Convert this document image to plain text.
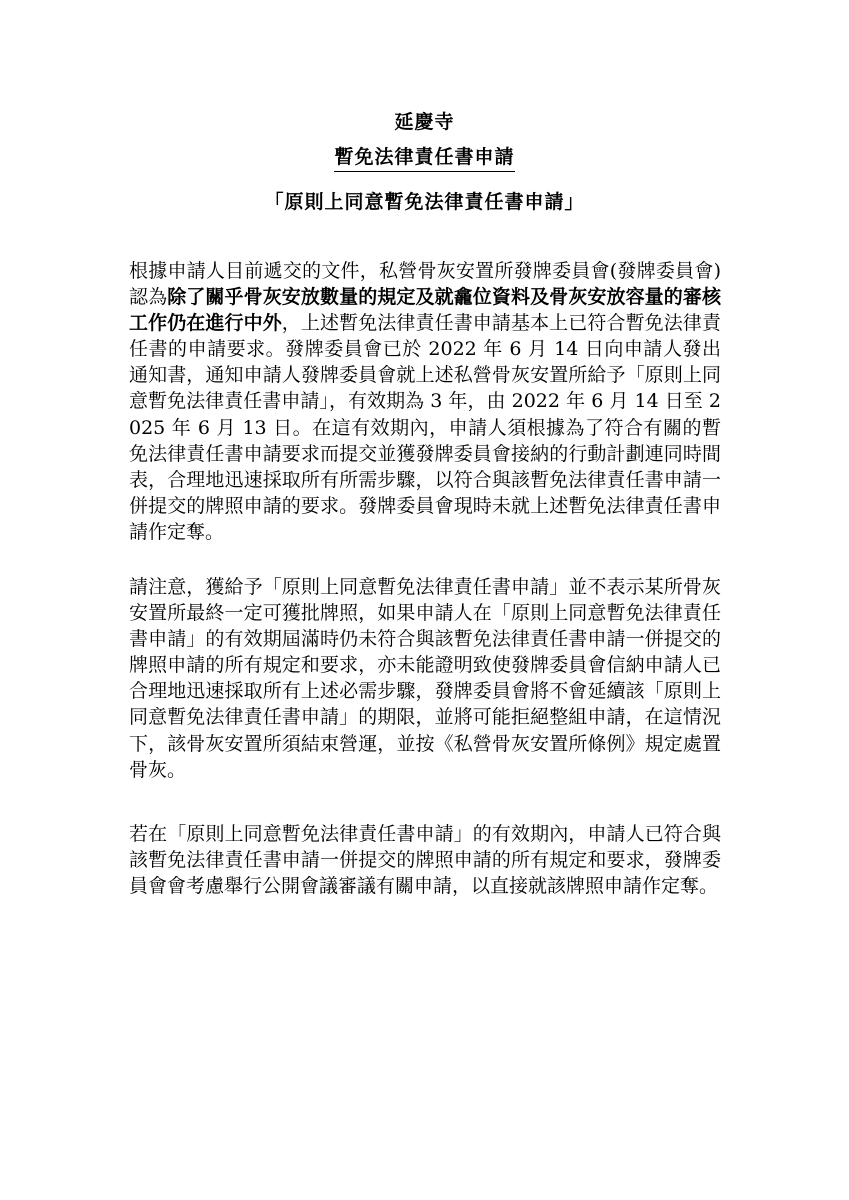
延慶寺
暫免法律責任書申請
「原則上同意暫免法律責任書申請」
根據申請人目前遞交的文件，私營骨灰安置所發牌委員會(發牌委員會)認為除了關乎骨灰安放數量的規定及就龕位資料及骨灰安放容量的審核工作仍在進行中外，上述暫免法律責任書申請基本上已符合暫免法律責任書的申請要求。發牌委員會已於 2022 年 6 月 14 日向申請人發出通知書，通知申請人發牌委員會就上述私營骨灰安置所給予「原則上同意暫免法律責任書申請」，有效期為 3 年，由 2022 年 6 月 14 日至 2025 年 6 月 13 日。在這有效期內，申請人須根據為了符合有關的暫免法律責任書申請要求而提交並獲發牌委員會接納的行動計劃連同時間表，合理地迅速採取所有所需步驟，以符合與該暫免法律責任書申請一併提交的牌照申請的要求。發牌委員會現時未就上述暫免法律責任書申請作定奪。
請注意，獲給予「原則上同意暫免法律責任書申請」並不表示某所骨灰安置所最終一定可獲批牌照，如果申請人在「原則上同意暫免法律責任書申請」的有效期屆滿時仍未符合與該暫免法律責任書申請一併提交的牌照申請的所有規定和要求，亦未能證明致使發牌委員會信納申請人已合理地迅速採取所有上述必需步驟，發牌委員會將不會延續該「原則上同意暫免法律責任書申請」的期限，並將可能拒絕整組申請，在這情況下，該骨灰安置所須結束營運，並按《私營骨灰安置所條例》規定處置骨灰。
若在「原則上同意暫免法律責任書申請」的有效期內，申請人已符合與該暫免法律責任書申請一併提交的牌照申請的所有規定和要求，發牌委員會會考慮舉行公開會議審議有關申請，以直接就該牌照申請作定奪。
